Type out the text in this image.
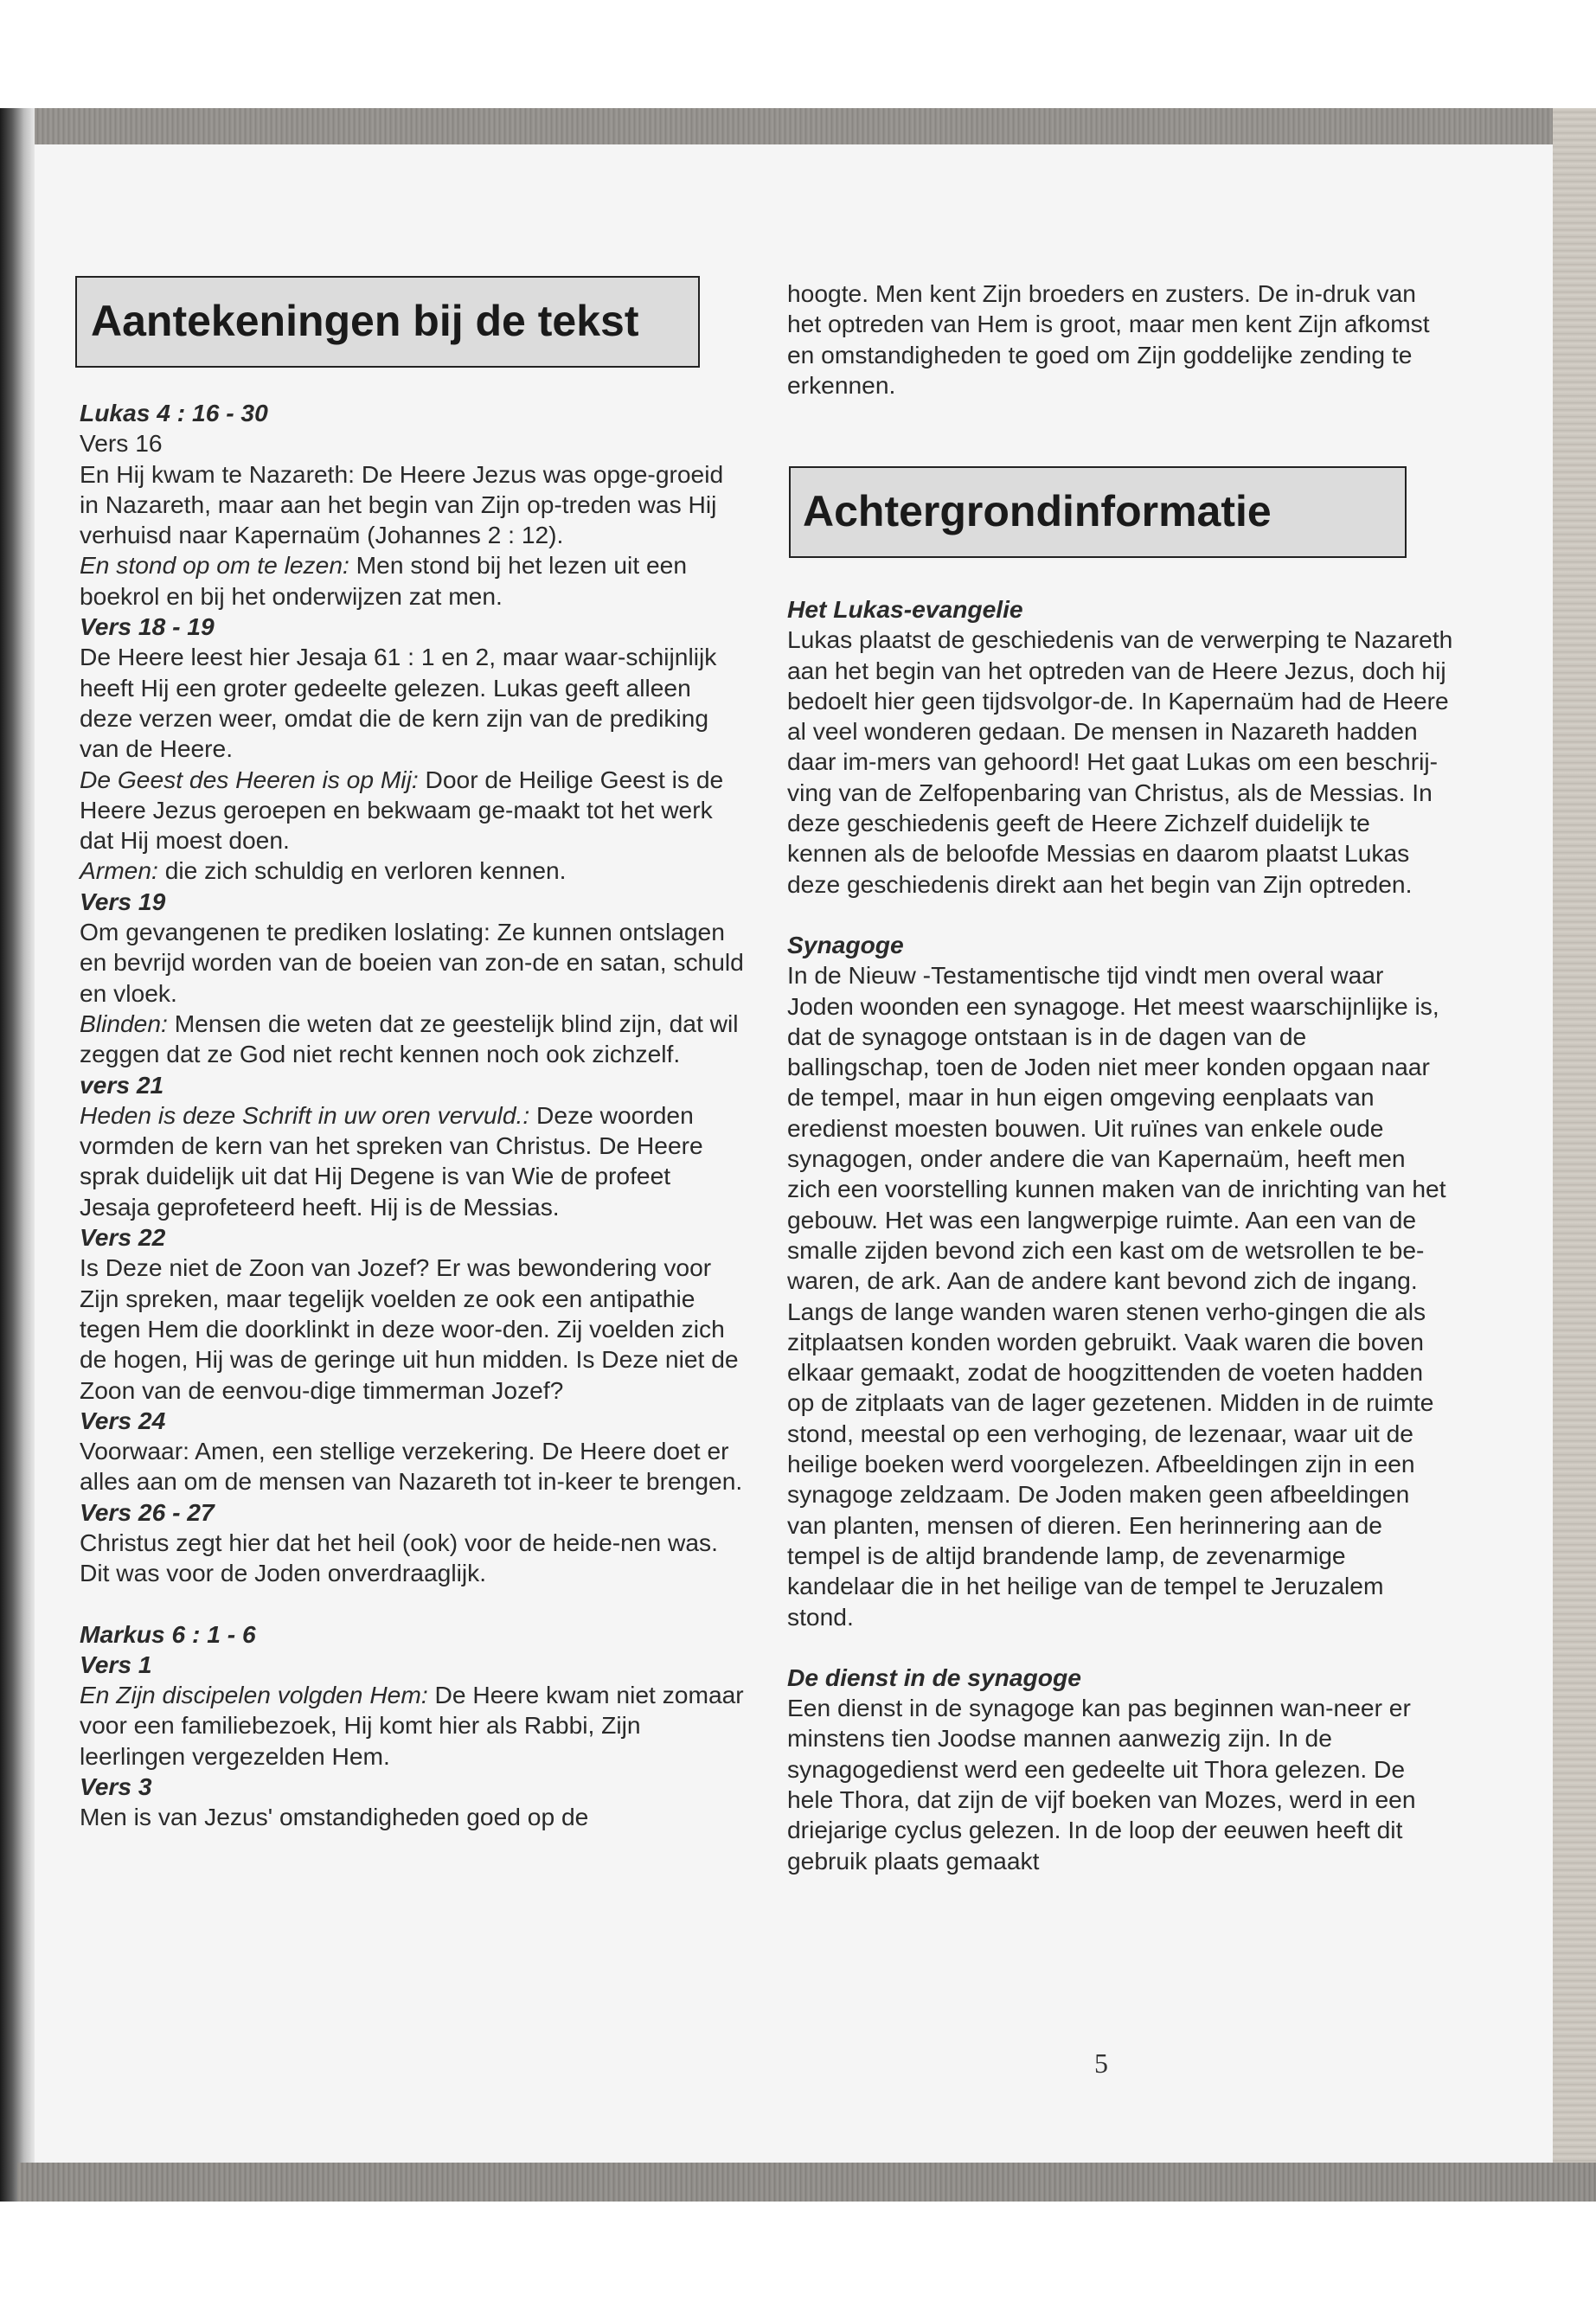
Aantekeningen bij de tekst

Lukas 4 : 16 - 30

Vers 16

En Hij kwam te Nazareth: De Heere Jezus was opge-groeid in Nazareth, maar aan het begin van Zijn op-treden was Hij verhuisd naar Kapernaüm (Johannes 2 : 12).

En stond op om te lezen: Men stond bij het lezen uit een boekrol en bij het onderwijzen zat men.

Vers 18 - 19

De Heere leest hier Jesaja 61 : 1 en 2, maar waar-schijnlijk heeft Hij een groter gedeelte gelezen. Lukas geeft alleen deze verzen weer, omdat die de kern zijn van de prediking van de Heere.

De Geest des Heeren is op Mij: Door de Heilige Geest is de Heere Jezus geroepen en bekwaam ge-maakt tot het werk dat Hij moest doen.

Armen: die zich schuldig en verloren kennen.

Vers 19

Om gevangenen te prediken loslating: Ze kunnen ontslagen en bevrijd worden van de boeien van zon-de en satan, schuld en vloek.

Blinden: Mensen die weten dat ze geestelijk blind zijn, dat wil zeggen dat ze God niet recht kennen noch ook zichzelf.

vers 21

Heden is deze Schrift in uw oren vervuld.: Deze woorden vormden de kern van het spreken van Christus. De Heere sprak duidelijk uit dat Hij Degene is van Wie de profeet Jesaja geprofeteerd heeft. Hij is de Messias.

Vers 22

Is Deze niet de Zoon van Jozef? Er was bewondering voor Zijn spreken, maar tegelijk voelden ze ook een antipathie tegen Hem die doorklinkt in deze woor-den. Zij voelden zich de hogen, Hij was de geringe uit hun midden. Is Deze niet de Zoon van de eenvou-dige timmerman Jozef?

Vers 24

Voorwaar: Amen, een stellige verzekering. De Heere doet er alles aan om de mensen van Nazareth tot in-keer te brengen.

Vers 26 - 27

Christus zegt hier dat het heil (ook) voor de heide-nen was. Dit was voor de Joden onverdraaglijk.

Markus 6 : 1 - 6

Vers 1

En Zijn discipelen volgden Hem: De Heere kwam niet zomaar voor een familiebezoek, Hij komt hier als Rabbi, Zijn leerlingen vergezelden Hem.

Vers 3

Men is van Jezus' omstandigheden goed op de

hoogte. Men kent Zijn broeders en zusters. De in-druk van het optreden van Hem is groot, maar men kent Zijn afkomst en omstandigheden te goed om Zijn goddelijke zending te erkennen.

Achtergrondinformatie

Het Lukas-evangelie

Lukas plaatst de geschiedenis van de verwerping te Nazareth aan het begin van het optreden van de Heere Jezus, doch hij bedoelt hier geen tijdsvolgor-de. In Kapernaüm had de Heere al veel wonderen gedaan. De mensen in Nazareth hadden daar im-mers van gehoord! Het gaat Lukas om een beschrij-ving van de Zelfopenbaring van Christus, als de Messias. In deze geschiedenis geeft de Heere Zichzelf duidelijk te kennen als de beloofde Messias en daarom plaatst Lukas deze geschiedenis direkt aan het begin van Zijn optreden.

Synagoge

In de Nieuw -Testamentische tijd vindt men overal waar Joden woonden een synagoge. Het meest waarschijnlijke is, dat de synagoge ontstaan is in de dagen van de ballingschap, toen de Joden niet meer konden opgaan naar de tempel, maar in hun eigen omgeving eenplaats van eredienst moesten bouwen. Uit ruïnes van enkele oude synagogen, onder andere die van Kapernaüm, heeft men zich een voorstelling kunnen maken van de inrichting van het gebouw. Het was een langwerpige ruimte. Aan een van de smalle zijden bevond zich een kast om de wetsrollen te be-waren, de ark. Aan de andere kant bevond zich de ingang. Langs de lange wanden waren stenen verho-gingen die als zitplaatsen konden worden gebruikt. Vaak waren die boven elkaar gemaakt, zodat de hoogzittenden de voeten hadden op de zitplaats van de lager gezetenen. Midden in de ruimte stond, meestal op een verhoging, de lezenaar, waar uit de heilige boeken werd voorgelezen. Afbeeldingen zijn in een synagoge zeldzaam. De Joden maken geen afbeeldingen van planten, mensen of dieren. Een herinnering aan de tempel is de altijd brandende lamp, de zevenarmige kandelaar die in het heilige van de tempel te Jeruzalem stond.

De dienst in de synagoge

Een dienst in de synagoge kan pas beginnen wan-neer er minstens tien Joodse mannen aanwezig zijn. In de synagogedienst werd een gedeelte uit Thora gelezen. De hele Thora, dat zijn de vijf boeken van Mozes, werd in een driejarige cyclus gelezen. In de loop der eeuwen heeft dit gebruik plaats gemaakt

5
